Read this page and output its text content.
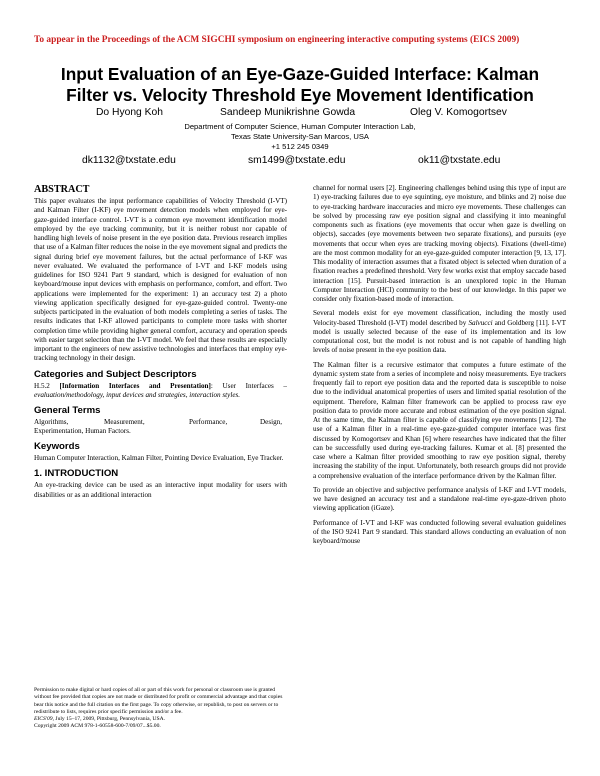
To appear in the Proceedings of the ACM SIGCHI symposium on engineering interactive computing systems (EICS 2009)
Input Evaluation of an Eye-Gaze-Guided Interface: Kalman
Filter vs. Velocity Threshold Eye Movement Identification
Do Hyong Koh	Sandeep Munikrishne Gowda	Oleg V. Komogortsev
Department of Computer Science, Human Computer Interaction Lab,
Texas State University-San Marcos, USA
+1 512 245 0349
dk1132@txstate.edu	sm1499@txstate.edu	ok11@txstate.edu
ABSTRACT

This paper evaluates the input performance capabilities of Velocity Threshold (I-VT) and Kalman Filter (I-KF) eye movement detection models when employed for eye-gaze-guided interface control. I-VT is a common eye movement identification model employed by the eye tracking community, but it is neither robust nor capable of handling high levels of noise present in the eye position data. Previous research implies that use of a Kalman filter reduces the noise in the eye movement signal and predicts the signal during brief eye movement failures, but the actual performance of I-KF was never evaluated. We evaluated the performance of I-VT and I-KF models using guidelines for ISO 9241 Part 9 standard, which is designed for evaluation of non keyboard/mouse input devices with emphasis on performance, comfort, and effort. Two applications were implemented for the experiment: 1) an accuracy test 2) a photo viewing application specifically designed for eye-gaze-guided control. Twenty-one subjects participated in the evaluation of both models completing a series of tasks. The results indicates that I-KF allowed participants to complete more tasks with shorter completion time while providing higher general comfort, accuracy and operation speeds with easier target selection than the I-VT model. We feel that these results are especially important to the engineers of new assistive technologies and interfaces that employ eye-tracking technology in their design.

Categories and Subject Descriptors

H.5.2 [Information Interfaces and Presentation]: User Interfaces – evaluation/methodology, input devices and strategies, interaction styles.

General Terms
Algorithms,	Measurement,	Performance,	Design,
Experimentation, Human Factors.
Keywords

Human Computer Interaction, Kalman Filter, Pointing Device Evaluation, Eye Tracker.

1. INTRODUCTION

An eye-tracking device can be used as an interactive input modality for users with disabilities or as an additional interaction

Permission to make digital or hard copies of all or part of this work for personal or classroom use is granted without fee provided that copies are not made or distributed for profit or commercial advantage and that copies bear this notice and the full citation on the first page. To copy otherwise, or republish, to post on servers or to redistribute to lists, requires prior specific permission and/or a fee.
EICS'09, July 15–17, 2009, Pittsburg, Pennsylvania, USA.
Copyright 2009 ACM 978-1-60558-600-7/09/07...$5.00.

channel for normal users [2]. Engineering challenges behind using this type of input are 1) eye-tracking failures due to eye squinting, eye moisture, and blinks and 2) noise due to eye-tracking hardware inaccuracies and micro eye movements. These challenges can be solved by processing raw eye position signal and classifying it into meaningful components such as fixations (eye movements that occur when gaze is dwelling on objects), saccades (eye movements between two separate fixations), and pursuits (eye movements that occur when eyes are tracking moving objects). Fixations (dwell-time) are the most common modality for an eye-gaze-guided computer interaction [9, 13, 17]. This modality of interaction assumes that a fixated object is selected when duration of a fixation reaches a predefined threshold. Very few works exist that employ saccade based interaction [15]. Pursuit-based interaction is an unexplored topic in the Human Computer Interaction (HCI) community to the best of our knowledge. In this paper we consider only fixation-based mode of interaction.

Several models exist for eye movement classification, including the mostly used Velocity-based Threshold (I-VT) model described by Salvucci and Goldberg [11]. I-VT model is usually selected because of the ease of its implementation and its low computational cost, but the model is not robust and is not capable of handling high levels of noise present in the eye position data.

The Kalman filter is a recursive estimator that computes a future estimate of the dynamic system state from a series of incomplete and noisy measurements. Eye trackers frequently fail to report eye position data and the reported data is susceptible to noise due to the individual anatomical properties of users and limited spatial resolution of the equipment. Therefore, Kalman filter framework can be applied to process raw eye position data to provide more accurate and robust estimation of the eye position signal. At the same time, the Kalman filter is capable of classifying eye movements [12]. The use of a Kalman filter in a real-time eye-gaze-guided computer interface was first discussed by Komogortsev and Khan [6] where researches have indicated that the filter can be successfully used during eye-tracking failures. Kumar et al. [8] presented the case where a Kalman filter provided smoothing to raw eye position signal, thereby increasing the stability of the input. Unfortunately, both research groups did not provide a comprehensive evaluation of the interface performance driven by the Kalman filter.

To provide an objective and subjective performance analysis of I-KF and I-VT models, we have designed an accuracy test and a standalone real-time eye-gaze-driven photo viewing application (iGaze).

Performance of I-VT and I-KF was conducted following several evaluation guidelines of the ISO 9241 Part 9 standard. This standard allows conducting an evaluation of non keyboard/mouse
